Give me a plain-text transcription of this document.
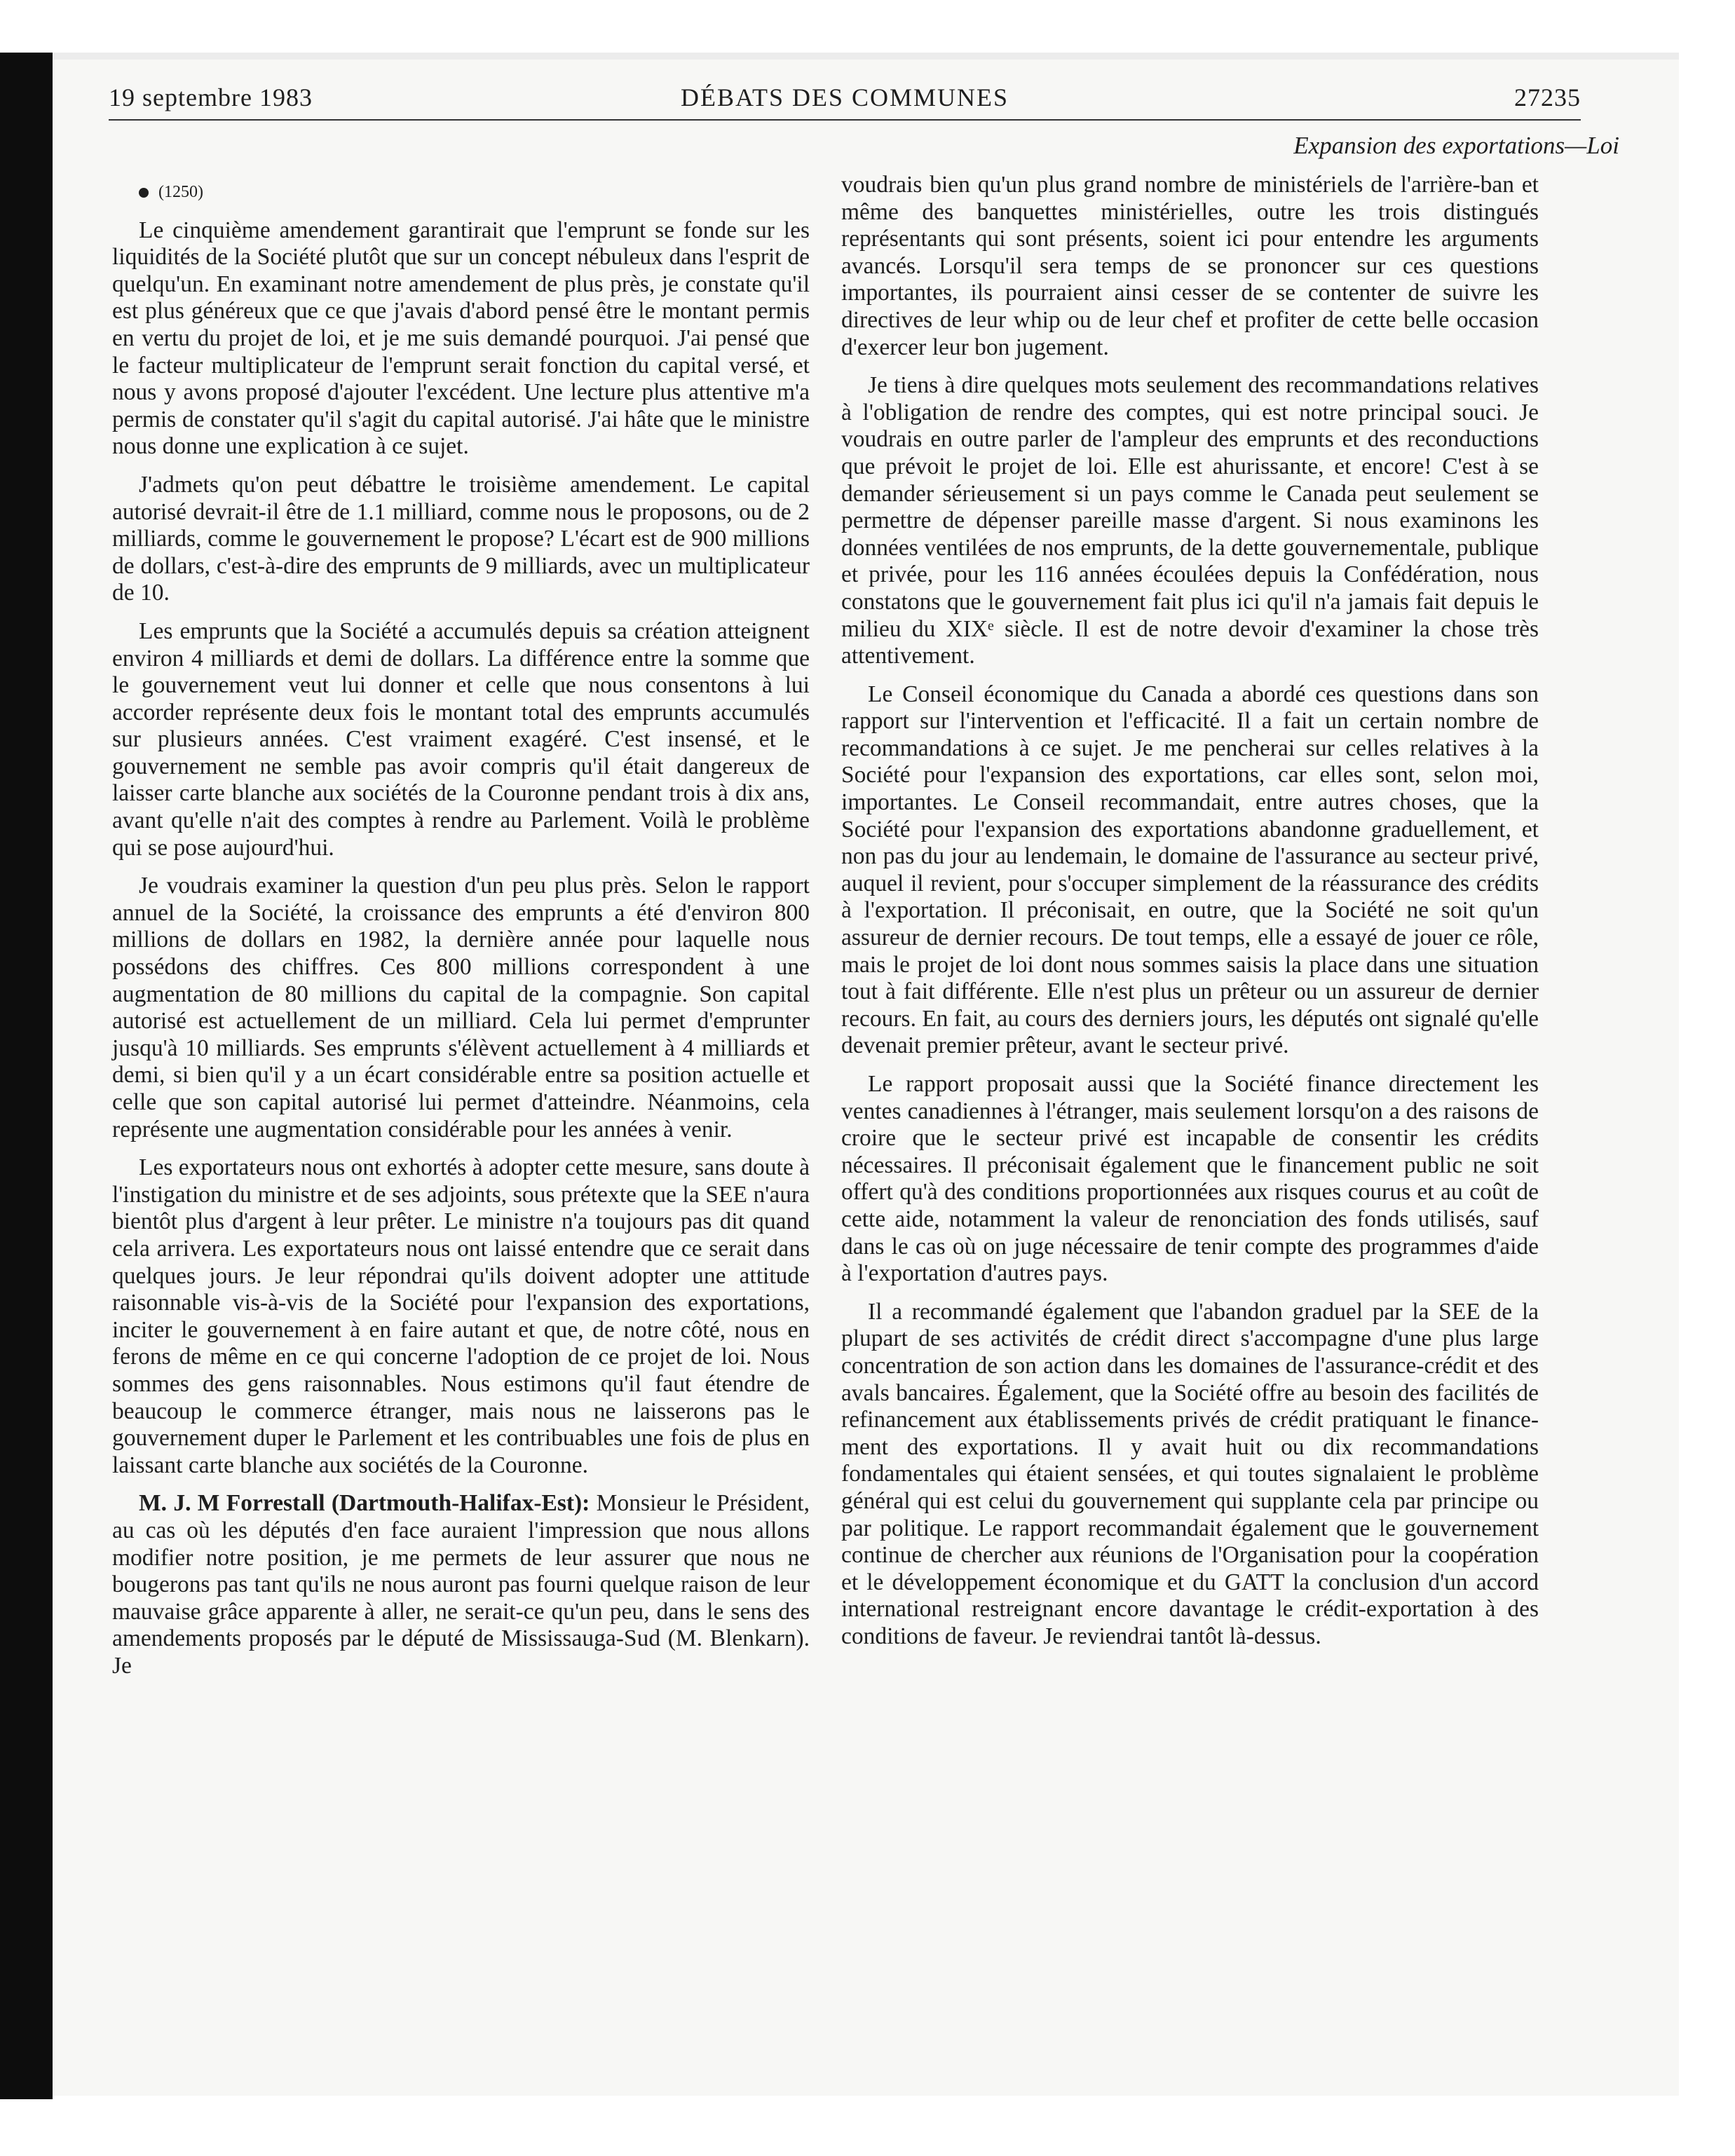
19 septembre 1983	DÉBATS DES COMMUNES	27235
Expansion des exportations—Loi

(1250)

Le cinquième amendement garantirait que l'emprunt se fonde sur les liquidités de la Société plutôt que sur un concept nébuleux dans l'esprit de quelqu'un. En examinant notre amendement de plus près, je constate qu'il est plus généreux que ce que j'avais d'abord pensé être le montant permis en vertu du projet de loi, et je me suis demandé pourquoi. J'ai pensé que le facteur multiplicateur de l'emprunt serait fonction du capital versé, et nous y avons proposé d'ajouter l'excédent. Une lecture plus attentive m'a permis de constater qu'il s'agit du capital autorisé. J'ai hâte que le ministre nous donne une explication à ce sujet.

J'admets qu'on peut débattre le troisième amendement. Le capital autorisé devrait-il être de 1.1 milliard, comme nous le proposons, ou de 2 milliards, comme le gouvernement le propose? L'écart est de 900 millions de dollars, c'est-à-dire des emprunts de 9 milliards, avec un multiplicateur de 10.

Les emprunts que la Société a accumulés depuis sa création atteignent environ 4 milliards et demi de dollars. La différence entre la somme que le gouvernement veut lui donner et celle que nous consentons à lui accorder représente deux fois le montant total des emprunts accumulés sur plusieurs années. C'est vraiment exagéré. C'est insensé, et le gouvernement ne semble pas avoir compris qu'il était dangereux de laisser carte blanche aux sociétés de la Couronne pendant trois à dix ans, avant qu'elle n'ait des comptes à rendre au Parlement. Voilà le problème qui se pose aujourd'hui.

Je voudrais examiner la question d'un peu plus près. Selon le rapport annuel de la Société, la croissance des emprunts a été d'environ 800 millions de dollars en 1982, la dernière année pour laquelle nous possédons des chiffres. Ces 800 millions correspondent à une augmentation de 80 millions du capital de la compagnie. Son capital autorisé est actuellement de un milliard. Cela lui permet d'emprunter jusqu'à 10 milliards. Ses emprunts s'élèvent actuellement à 4 milliards et demi, si bien qu'il y a un écart considérable entre sa position actuelle et celle que son capital autorisé lui permet d'atteindre. Néanmoins, cela représente une augmentation considérable pour les années à venir.

Les exportateurs nous ont exhortés à adopter cette mesure, sans doute à l'instigation du ministre et de ses adjoints, sous prétexte que la SEE n'aura bientôt plus d'argent à leur prêter. Le ministre n'a toujours pas dit quand cela arrivera. Les exportateurs nous ont laissé entendre que ce serait dans quelques jours. Je leur répondrai qu'ils doivent adopter une attitude raisonnable vis-à-vis de la Société pour l'expansion des exportations, inciter le gouvernement à en faire autant et que, de notre côté, nous en ferons de même en ce qui concerne l'adoption de ce projet de loi. Nous sommes des gens raisonnables. Nous estimons qu'il faut étendre de beaucoup le commerce étranger, mais nous ne laisserons pas le gouvernement duper le Parlement et les contribuables une fois de plus en laissant carte blanche aux sociétés de la Couronne.

M. J. M Forrestall (Dartmouth-Halifax-Est): Monsieur le Président, au cas où les députés d'en face auraient l'impression que nous allons modifier notre position, je me permets de leur assurer que nous ne bougerons pas tant qu'ils ne nous auront pas fourni quelque raison de leur mauvaise grâce apparente à aller, ne serait-ce qu'un peu, dans le sens des amendements proposés par le député de Mississauga-Sud (M. Blenkarn). Je

voudrais bien qu'un plus grand nombre de ministériels de l'arrière-ban et même des banquettes ministérielles, outre les trois distingués représentants qui sont présents, soient ici pour entendre les arguments avancés. Lorsqu'il sera temps de se prononcer sur ces questions importantes, ils pourraient ainsi cesser de se contenter de suivre les directives de leur whip ou de leur chef et profiter de cette belle occasion d'exercer leur bon jugement.

Je tiens à dire quelques mots seulement des recommandations relatives à l'obligation de rendre des comptes, qui est notre principal souci. Je voudrais en outre parler de l'ampleur des emprunts et des reconductions que prévoit le projet de loi. Elle est ahurissante, et encore! C'est à se demander sérieusement si un pays comme le Canada peut seulement se permettre de dépenser pareille masse d'argent. Si nous examinons les données ventilées de nos emprunts, de la dette gouvernementale, publique et privée, pour les 116 années écoulées depuis la Confédération, nous constatons que le gouvernement fait plus ici qu'il n'a jamais fait depuis le milieu du XIXᵉ siècle. Il est de notre devoir d'examiner la chose très attentivement.

Le Conseil économique du Canada a abordé ces questions dans son rapport sur l'intervention et l'efficacité. Il a fait un certain nombre de recommandations à ce sujet. Je me pencherai sur celles relatives à la Société pour l'expansion des exportations, car elles sont, selon moi, importantes. Le Conseil recommandait, entre autres choses, que la Société pour l'expansion des exportations abandonne graduellement, et non pas du jour au lendemain, le domaine de l'assurance au secteur privé, auquel il revient, pour s'occuper simplement de la réassurance des crédits à l'exportation. Il préconisait, en outre, que la Société ne soit qu'un assureur de dernier recours. De tout temps, elle a essayé de jouer ce rôle, mais le projet de loi dont nous sommes saisis la place dans une situation tout à fait différente. Elle n'est plus un prêteur ou un assureur de dernier recours. En fait, au cours des derniers jours, les députés ont signalé qu'elle devenait premier prêteur, avant le secteur privé.

Le rapport proposait aussi que la Société finance directement les ventes canadiennes à l'étranger, mais seulement lorsqu'on a des raisons de croire que le secteur privé est incapable de consentir les crédits nécessaires. Il préconisait également que le financement public ne soit offert qu'à des conditions proportionnées aux risques courus et au coût de cette aide, notamment la valeur de renonciation des fonds utilisés, sauf dans le cas où on juge nécessaire de tenir compte des programmes d'aide à l'exportation d'autres pays.

Il a recommandé également que l'abandon graduel par la SEE de la plupart de ses activités de crédit direct s'accompagne d'une plus large concentration de son action dans les domaines de l'assurance-crédit et des avals bancaires. Également, que la Société offre au besoin des facilités de refinancement aux établissements privés de crédit pratiquant le financement des exportations. Il y avait huit ou dix recommandations fondamentales qui étaient sensées, et qui toutes signalaient le problème général qui est celui du gouvernement qui supplante cela par principe ou par politique. Le rapport recommandait également que le gouvernement continue de chercher aux réunions de l'Organisation pour la coopération et le développement économique et du GATT la conclusion d'un accord international restreignant encore davantage le crédit-exportation à des conditions de faveur. Je reviendrai tantôt là-dessus.
